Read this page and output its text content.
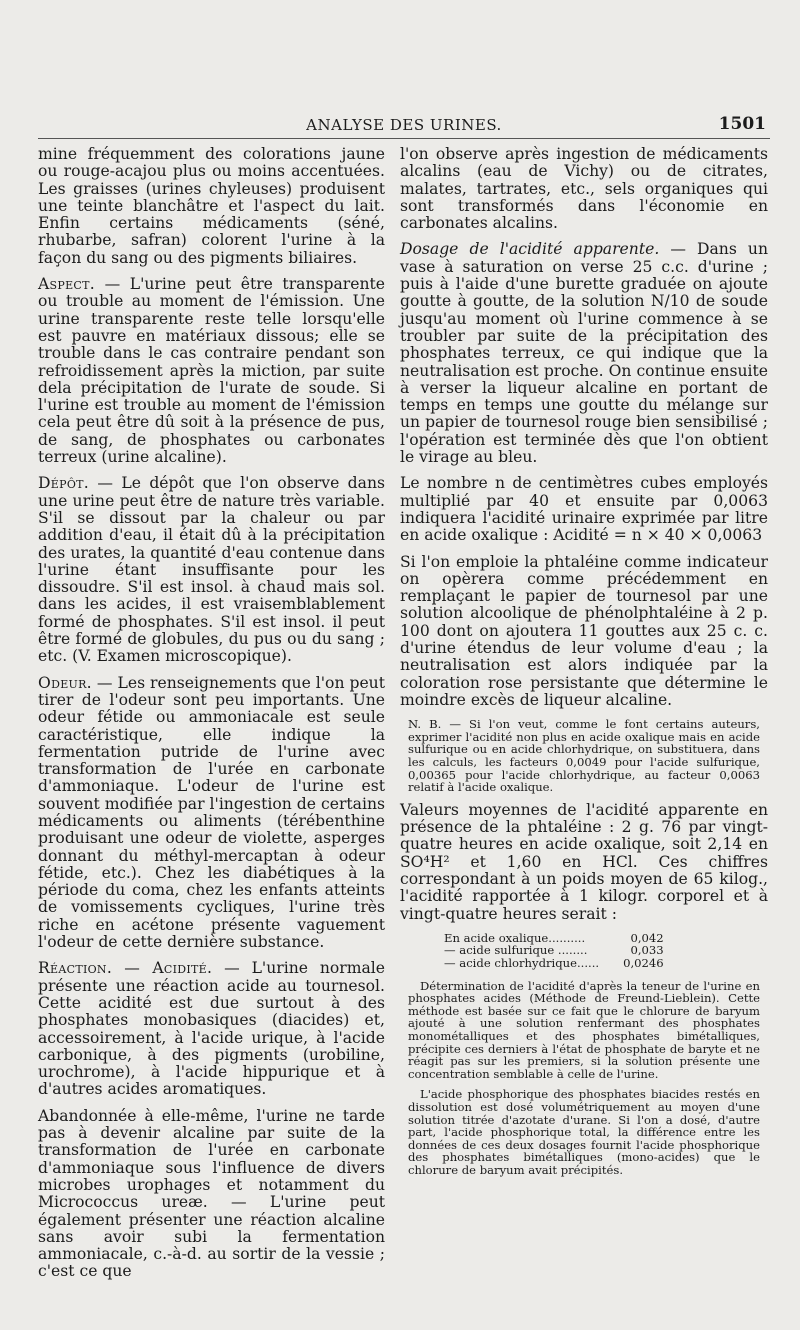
ANALYSE DES URINES.	1501

mine fréquemment des colorations jaune ou rouge-acajou plus ou moins accentuées. Les graisses (urines chyleuses) produisent une teinte blanchâtre et l'aspect du lait. Enfin certains médicaments (séné, rhubarbe, safran) colorent l'urine à la façon du sang ou des pigments biliaires.

Aspect. — L'urine peut être transparente ou trouble au moment de l'émission. Une urine transparente reste telle lorsqu'elle est pauvre en matériaux dissous; elle se trouble dans le cas contraire pendant son refroidissement après la miction, par suite dela précipitation de l'urate de soude. Si l'urine est trouble au moment de l'émission cela peut être dû soit à la présence de pus, de sang, de phosphates ou carbonates terreux (urine alcaline).

Dépôt. — Le dépôt que l'on observe dans une urine peut être de nature très variable. S'il se dissout par la chaleur ou par addition d'eau, il était dû à la précipitation des urates, la quantité d'eau contenue dans l'urine étant insuffisante pour les dissoudre. S'il est insol. à chaud mais sol. dans les acides, il est vraisemblablement formé de phosphates. S'il est insol. il peut être formé de globules, du pus ou du sang ; etc. (V. Examen microscopique).

Odeur. — Les renseignements que l'on peut tirer de l'odeur sont peu importants. Une odeur fétide ou ammoniacale est seule caractéristique, elle indique la fermentation putride de l'urine avec transformation de l'urée en carbonate d'ammoniaque. L'odeur de l'urine est souvent modifiée par l'ingestion de certains médicaments ou aliments (térébenthine produisant une odeur de violette, asperges donnant du méthyl-mercaptan à odeur fétide, etc.). Chez les diabétiques à la période du coma, chez les enfants atteints de vomissements cycliques, l'urine très riche en acétone présente vaguement l'odeur de cette dernière substance.

Réaction. — Acidité. — L'urine normale présente une réaction acide au tournesol. Cette acidité est due surtout à des phosphates monobasiques (diacides) et, accessoirement, à l'acide urique, à l'acide carbonique, à des pigments (urobiline, urochrome), à l'acide hippurique et à d'autres acides aromatiques.

Abandonnée à elle-même, l'urine ne tarde pas à devenir alcaline par suite de la transformation de l'urée en carbonate d'ammoniaque sous l'influence de divers microbes urophages et notamment du Micrococcus ureæ. — L'urine peut également présenter une réaction alcaline sans avoir subi la fermentation ammoniacale, c.-à-d. au sortir de la vessie ; c'est ce que

l'on observe après ingestion de médicaments alcalins (eau de Vichy) ou de citrates, malates, tartrates, etc., sels organiques qui sont transformés dans l'économie en carbonates alcalins.

Dosage de l'acidité apparente. — Dans un vase à saturation on verse 25 c.c. d'urine ; puis à l'aide d'une burette graduée on ajoute goutte à goutte, de la solution N/10 de soude jusqu'au moment où l'urine commence à se troubler par suite de la précipitation des phosphates terreux, ce qui indique que la neutralisation est proche. On continue ensuite à verser la liqueur alcaline en portant de temps en temps une goutte du mélange sur un papier de tournesol rouge bien sensibilisé ; l'opération est terminée dès que l'on obtient le virage au bleu.

Le nombre n de centimètres cubes employés multiplié par 40 et ensuite par 0,0063 indiquera l'acidité urinaire exprimée par litre en acide oxalique : Acidité = n × 40 × 0,0063

Si l'on emploie la phtaléine comme indicateur on opèrera comme précédemment en remplaçant le papier de tournesol par une solution alcoolique de phénolphtaléine à 2 p. 100 dont on ajoutera 11 gouttes aux 25 c. c. d'urine étendus de leur volume d'eau ; la neutralisation est alors indiquée par la coloration rose persistante que détermine le moindre excès de liqueur alcaline.

N. B. — Si l'on veut, comme le font certains auteurs, exprimer l'acidité non plus en acide oxalique mais en acide sulfurique ou en acide chlorhydrique, on substituera, dans les calculs, les facteurs 0,0049 pour l'acide sulfurique, 0,00365 pour l'acide chlorhydrique, au facteur 0,0063 relatif à l'acide oxalique.

Valeurs moyennes de l'acidité apparente en présence de la phtaléine : 2 g. 76 par vingt-quatre heures en acide oxalique, soit 2,14 en SO⁴H² et 1,60 en HCl. Ces chiffres correspondant à un poids moyen de 65 kilog., l'acidité rapportée à 1 kilogr. corporel et à vingt-quatre heures serait :

En acide oxalique..........	0,042
— acide sulfurique ........	0,033
— acide chlorhydrique......	0,0246
Détermination de l'acidité d'après la teneur de l'urine en phosphates acides (Méthode de Freund-Lieblein). Cette méthode est basée sur ce fait que le chlorure de baryum ajouté à une solution renfermant des phosphates monométalliques et des phosphates bimétalliques, précipite ces derniers à l'état de phosphate de baryte et ne réagit pas sur les premiers, si la solution présente une concentration semblable à celle de l'urine.
L'acide phosphorique des phosphates biacides restés en dissolution est dosé volumétriquement au moyen d'une solution titrée d'azotate d'urane. Si l'on a dosé, d'autre part, l'acide phosphorique total, la différence entre les données de ces deux dosages fournit l'acide phosphorique des phosphates bimétalliques (mono-acides) que le chlorure de baryum avait précipités.
